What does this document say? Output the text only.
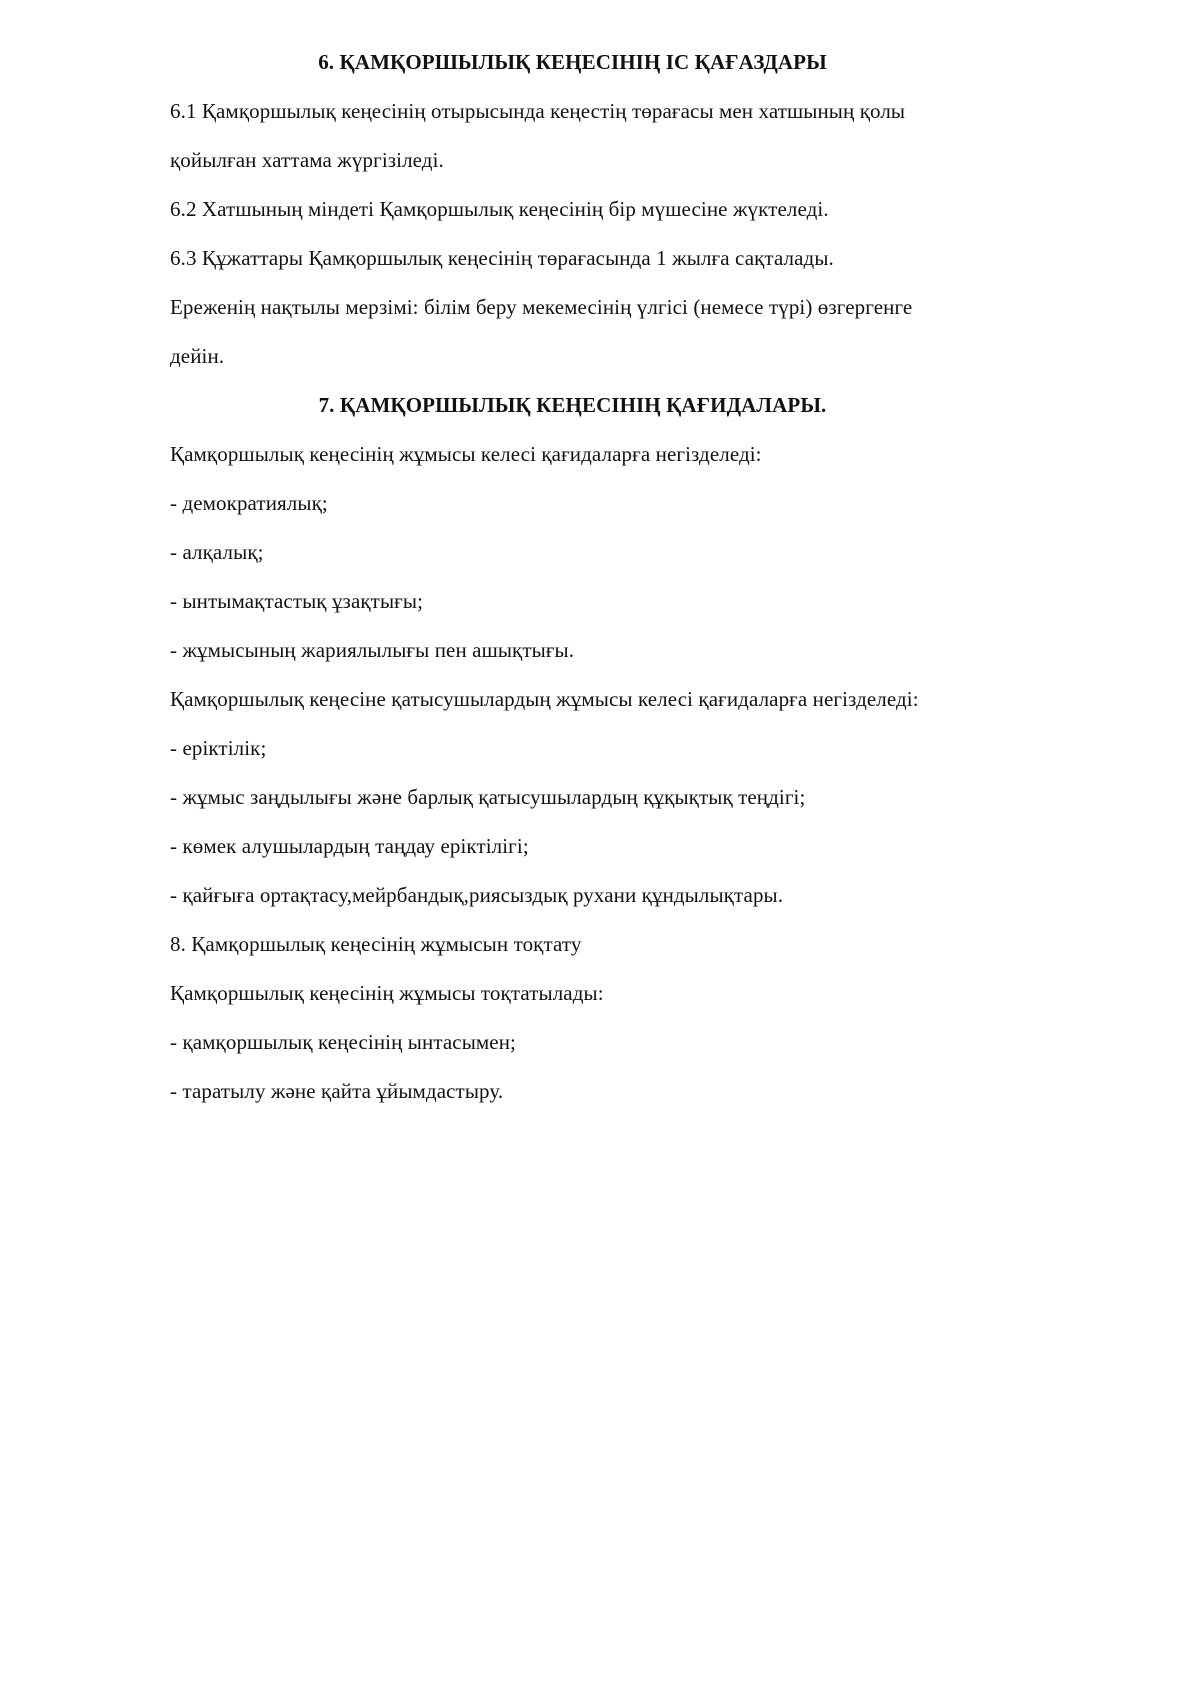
6. ҚАМҚОРШЫЛЫҚ КЕҢЕСІНІҢ ІС ҚАҒАЗДАРЫ
6.1 Қамқоршылық кеңесінің отырысында кеңестің төрағасы мен хатшының қолы
қойылған хаттама жүргізіледі.
6.2 Хатшының міндеті Қамқоршылық кеңесінің бір мүшесіне жүктеледі.
6.3 Құжаттары Қамқоршылық кеңесінің төрағасында 1 жылға сақталады.
Ереженің нақтылы мерзімі: білім беру мекемесінің үлгісі (немесе түрі) өзгергенге
дейін.
7. ҚАМҚОРШЫЛЫҚ КЕҢЕСІНІҢ ҚАҒИДАЛАРЫ.
Қамқоршылық кеңесінің жұмысы келесі қағидаларға негізделеді:
- демократиялық;
- алқалық;
- ынтымақтастық ұзақтығы;
- жұмысының жариялылығы пен ашықтығы.
Қамқоршылық кеңесіне қатысушылардың жұмысы келесі қағидаларға негізделеді:
- еріктілік;
- жұмыс заңдылығы және барлық қатысушылардың құқықтық теңдігі;
- көмек алушылардың таңдау еріктілігі;
- қайғыға ортақтасу,мейрбандық,риясыздық рухани құндылықтары.
8. Қамқоршылық кеңесінің жұмысын тоқтату
Қамқоршылық кеңесінің жұмысы тоқтатылады:
- қамқоршылық кеңесінің ынтасымен;
- таратылу және қайта ұйымдастыру.
